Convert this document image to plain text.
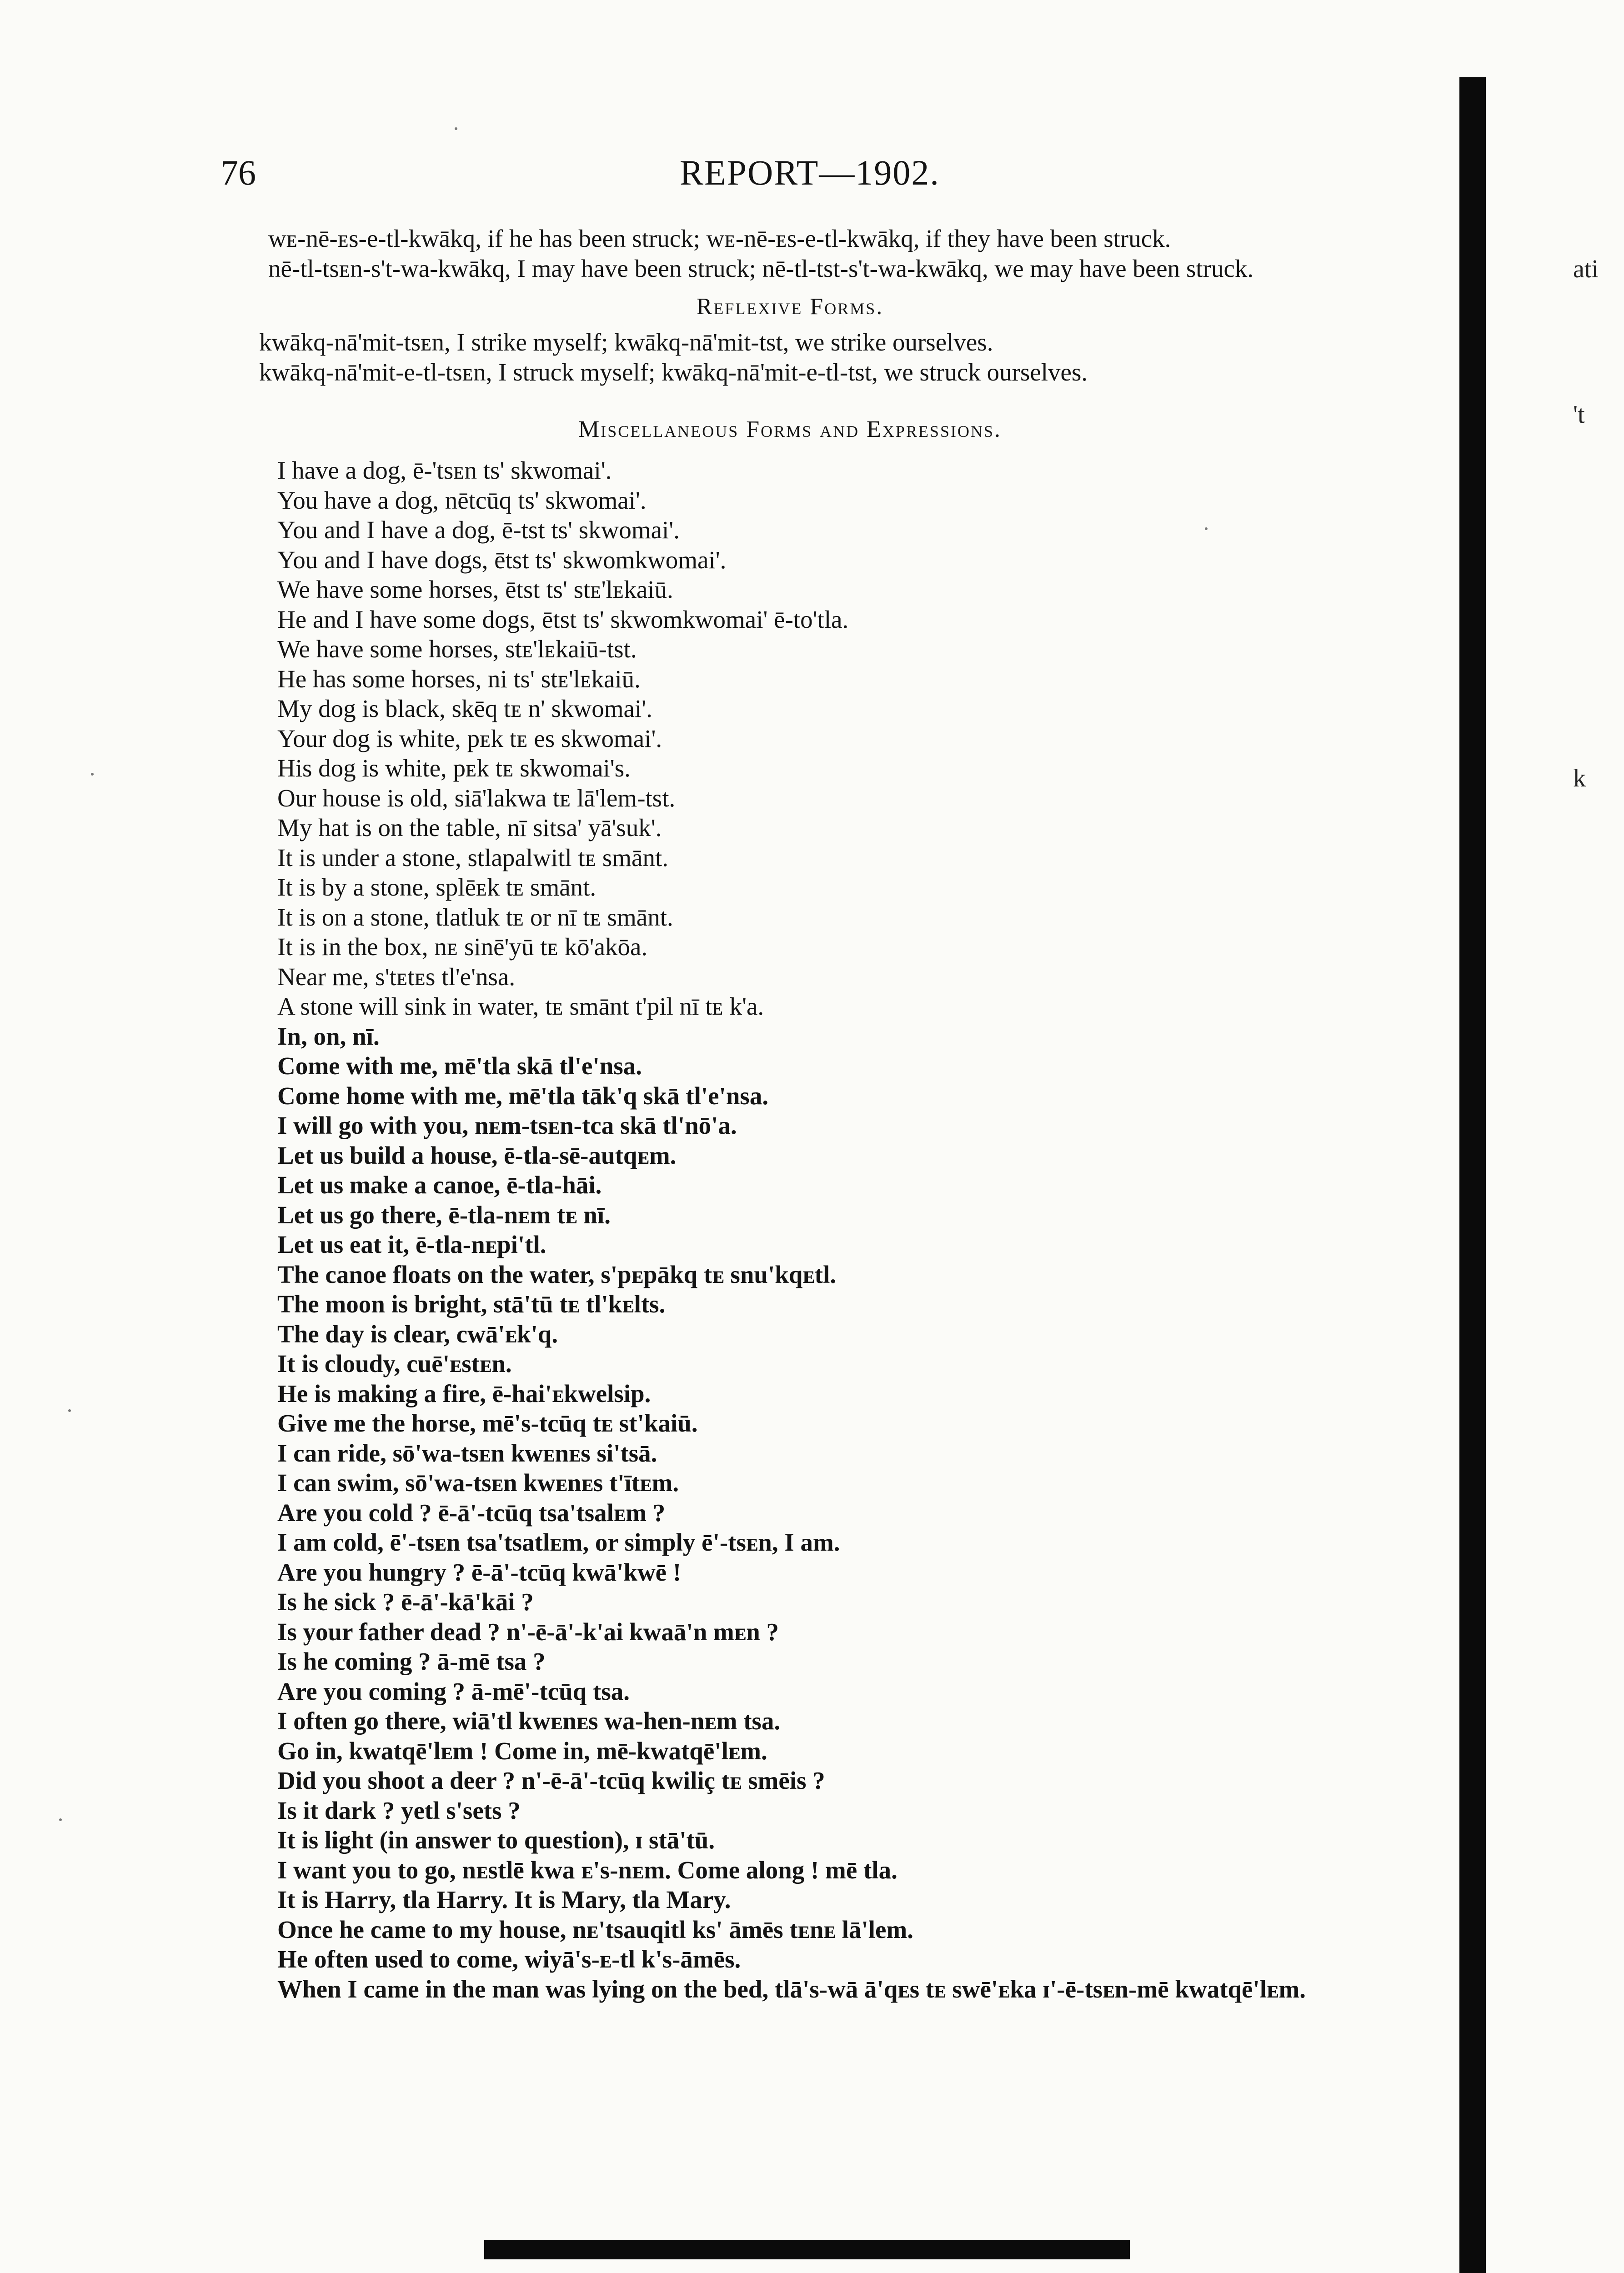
ati
't
k
76	REPORT—1902.

wᴇ-nē-ᴇs-e-tl-kwākq, if he has been struck; wᴇ-nē-ᴇs-e-tl-kwākq, if they have been struck.

nē-tl-tsᴇn-s't-wa-kwākq, I may have been struck; nē-tl-tst-s't-wa-kwākq, we may have been struck.

Reflexive Forms.

kwākq-nā'mit-tsᴇn, I strike myself; kwākq-nā'mit-tst, we strike ourselves.

kwākq-nā'mit-e-tl-tsᴇn, I struck myself; kwākq-nā'mit-e-tl-tst, we struck ourselves.

Miscellaneous Forms and Expressions.
I have a dog, ē-'tsᴇn ts' skwomai'.
You have a dog, nētcūq ts' skwomai'.
You and I have a dog, ē-tst ts' skwomai'.
You and I have dogs, ētst ts' skwomkwomai'.
We have some horses, ētst ts' stᴇ'lᴇkaiū.
He and I have some dogs, ētst ts' skwomkwomai' ē-to'tla.
We have some horses, stᴇ'lᴇkaiū-tst.
He has some horses, ni ts' stᴇ'lᴇkaiū.
My dog is black, skēq tᴇ n' skwomai'.
Your dog is white, pᴇk tᴇ es skwomai'.
His dog is white, pᴇk tᴇ skwomai's.
Our house is old, siā'lakwa tᴇ lā'lem-tst.
My hat is on the table, nī sitsa' yā'suk'.
It is under a stone, stlapalwitl tᴇ smānt.
It is by a stone, splēᴇk tᴇ smānt.
It is on a stone, tlatluk tᴇ or nī tᴇ smānt.
It is in the box, nᴇ sinē'yū tᴇ kō'akōa.
Near me, s'tᴇtᴇs tl'e'nsa.
A stone will sink in water, tᴇ smānt t'pil nī tᴇ k'a.
In, on, nī.
Come with me, mē'tla skā tl'e'nsa.
Come home with me, mē'tla tāk'q skā tl'e'nsa.
I will go with you, nᴇm-tsᴇn-tca skā tl'nō'a.
Let us build a house, ē-tla-sē-autqᴇm.
Let us make a canoe, ē-tla-hāi.
Let us go there, ē-tla-nᴇm tᴇ nī.
Let us eat it, ē-tla-nᴇpi'tl.
The canoe floats on the water, s'pᴇpākq tᴇ snu'kqᴇtl.
The moon is bright, stā'tū tᴇ tl'kᴇlts.
The day is clear, cwā'ᴇk'q.
It is cloudy, cuē'ᴇstᴇn.
He is making a fire, ē-hai'ᴇkwelsip.
Give me the horse, mē's-tcūq tᴇ st'kaiū.
I can ride, sō'wa-tsᴇn kwᴇnᴇs si'tsā.
I can swim, sō'wa-tsᴇn kwᴇnᴇs t'ītᴇm.
Are you cold ? ē-ā'-tcūq tsa'tsalᴇm ?
I am cold, ē'-tsᴇn tsa'tsatlᴇm, or simply ē'-tsᴇn, I am.
Are you hungry ? ē-ā'-tcūq kwā'kwē !
Is he sick ? ē-ā'-kā'kāi ?
Is your father dead ? n'-ē-ā'-k'ai kwaā'n mᴇn ?
Is he coming ? ā-mē tsa ?
Are you coming ? ā-mē'-tcūq tsa.
I often go there, wiā'tl kwᴇnᴇs wa-hen-nᴇm tsa.
Go in, kwatqē'lᴇm ! Come in, mē-kwatqē'lᴇm.
Did you shoot a deer ? n'-ē-ā'-tcūq kwiliç tᴇ smēis ?
Is it dark ? yetl s'sets ?
It is light (in answer to question), ɪ stā'tū.
I want you to go, nᴇstlē kwa ᴇ's-nᴇm. Come along ! mē tla.
It is Harry, tla Harry. It is Mary, tla Mary.
Once he came to my house, nᴇ'tsauqitl ks' āmēs tᴇnᴇ lā'lem.
He often used to come, wiyā's-ᴇ-tl k's-āmēs.
When I came in the man was lying on the bed, tlā's-wā ā'qᴇs tᴇ swē'ᴇka ɪ'-ē-tsᴇn-mē kwatqē'lᴇm.
